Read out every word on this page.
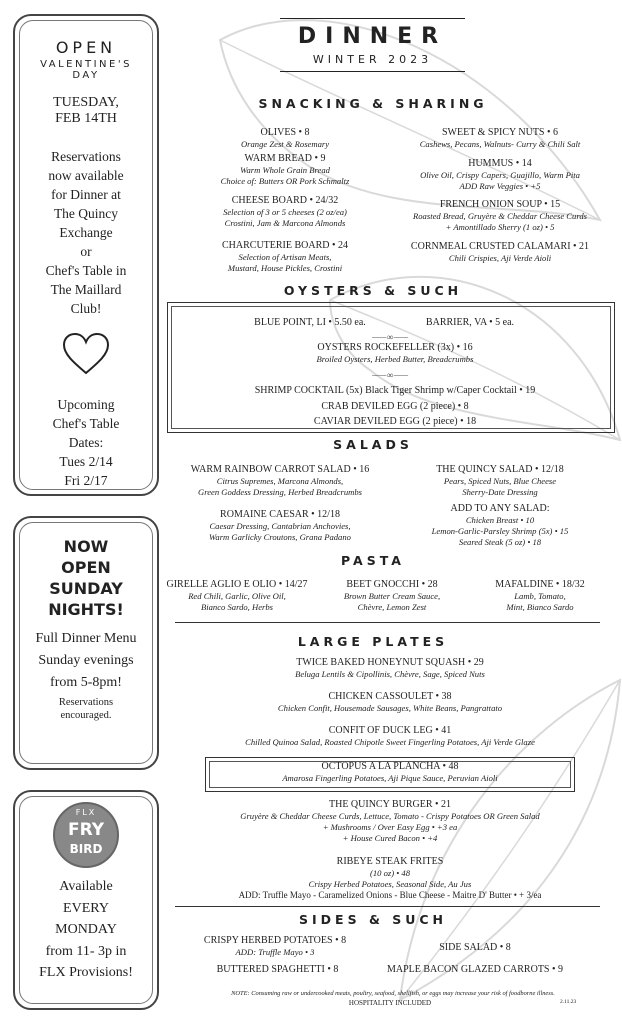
OPEN
VALENTINE'S
DAY
TUESDAY,
FEB 14TH
Reservations
now available
for Dinner at
The Quincy
Exchange
or
Chef's Table in
The Maillard
Club!
Upcoming
Chef's Table
Dates:
Tues 2/14
Fri 2/17
NOW
OPEN
SUNDAY
NIGHTS!
Full Dinner Menu
Sunday evenings
from 5-8pm!
Reservations
encouraged.
FLX
FRY
BIRD
Available
EVERY
MONDAY
from 11- 3p in
FLX Provisions!
DINNER
WINTER 2023
SNACKING & SHARING
OLIVES • 8
Orange Zest & Rosemary
WARM BREAD • 9
Warm Whole Grain Bread
Choice of: Butters OR Pork Schmaltz
CHEESE BOARD • 24/32
Selection of 3 or 5 cheeses (2 oz/ea)
Crostini, Jam & Marcona Almonds
CHARCUTERIE BOARD • 24
Selection of Artisan Meats,
Mustard, House Pickles, Crostini
SWEET & SPICY NUTS • 6
Cashews, Pecans, Walnuts- Curry & Chili Salt
HUMMUS • 14
Olive Oil, Crispy Capers, Guajillo, Warm Pita
ADD Raw Veggies • +5
FRENCH ONION SOUP • 15
Roasted Bread, Gruyère & Cheddar Cheese Curds
+ Amontillado Sherry (1 oz) • 5
CORNMEAL CRUSTED CALAMARI • 21
Chili Crispies, Aji Verde Aioli
OYSTERS & SUCH
BLUE POINT, LI • 5.50 ea.	BARRIER, VA • 5 ea.
⸺∞⸺
OYSTERS ROCKEFELLER (3x) • 16
Broiled Oysters, Herbed Butter, Breadcrumbs
⸺∞⸺
SHRIMP COCKTAIL (5x) Black Tiger Shrimp w/Caper Cocktail • 19
CRAB DEVILED EGG (2 piece) • 8
CAVIAR DEVILED EGG (2 piece) • 18
SALADS
WARM RAINBOW CARROT SALAD • 16
Citrus Supremes, Marcona Almonds,
Green Goddess Dressing, Herbed Breadcrumbs
ROMAINE CAESAR • 12/18
Caesar Dressing, Cantabrian Anchovies,
Warm Garlicky Croutons, Grana Padano
THE QUINCY SALAD • 12/18
Pears, Spiced Nuts, Blue Cheese
Sherry-Date Dressing
ADD TO ANY SALAD:
Chicken Breast • 10
Lemon-Garlic-Parsley Shrimp (5x) • 15
Seared Steak (5 oz) • 18
PASTA
GIRELLE AGLIO E OLIO • 14/27
Red Chili, Garlic, Olive Oil,
Bianco Sardo, Herbs
BEET GNOCCHI • 28
Brown Butter Cream Sauce,
Chèvre, Lemon Zest
MAFALDINE • 18/32
Lamb, Tomato,
Mint, Bianco Sardo
LARGE PLATES
TWICE BAKED HONEYNUT SQUASH • 29
Beluga Lentils & Cipollinis, Chèvre, Sage, Spiced Nuts
CHICKEN CASSOULET • 38
Chicken Confit, Housemade Sausages, White Beans, Pangrattato
CONFIT OF DUCK LEG • 41
Chilled Quinoa Salad, Roasted Chipotle Sweet Fingerling Potatoes, Aji Verde Glaze
OCTOPUS A LA PLANCHA • 48
Amarosa Fingerling Potatoes, Aji Pique Sauce, Peruvian Aioli
THE QUINCY BURGER • 21
Gruyère & Cheddar Cheese Curds, Lettuce, Tomato - Crispy Potatoes OR Green Salad
+ Mushrooms / Over Easy Egg • +3 ea
+ House Cured Bacon • +4
RIBEYE STEAK FRITES
(10 oz) • 48
Crispy Herbed Potatoes, Seasonal Side, Au Jus
ADD: Truffle Mayo - Caramelized Onions - Blue Cheese - Maitre D' Butter • + 3/ea
SIDES & SUCH
CRISPY HERBED POTATOES • 8
ADD: Truffle Mayo • 3	SIDE SALAD • 8
BUTTERED SPAGHETTI • 8	MAPLE BACON GLAZED CARROTS • 9
NOTE: Consuming raw or undercooked meats, poultry, seafood, shellfish, or eggs may increase your risk of foodborne illness.
HOSPITALITY INCLUDED	2.11.23
